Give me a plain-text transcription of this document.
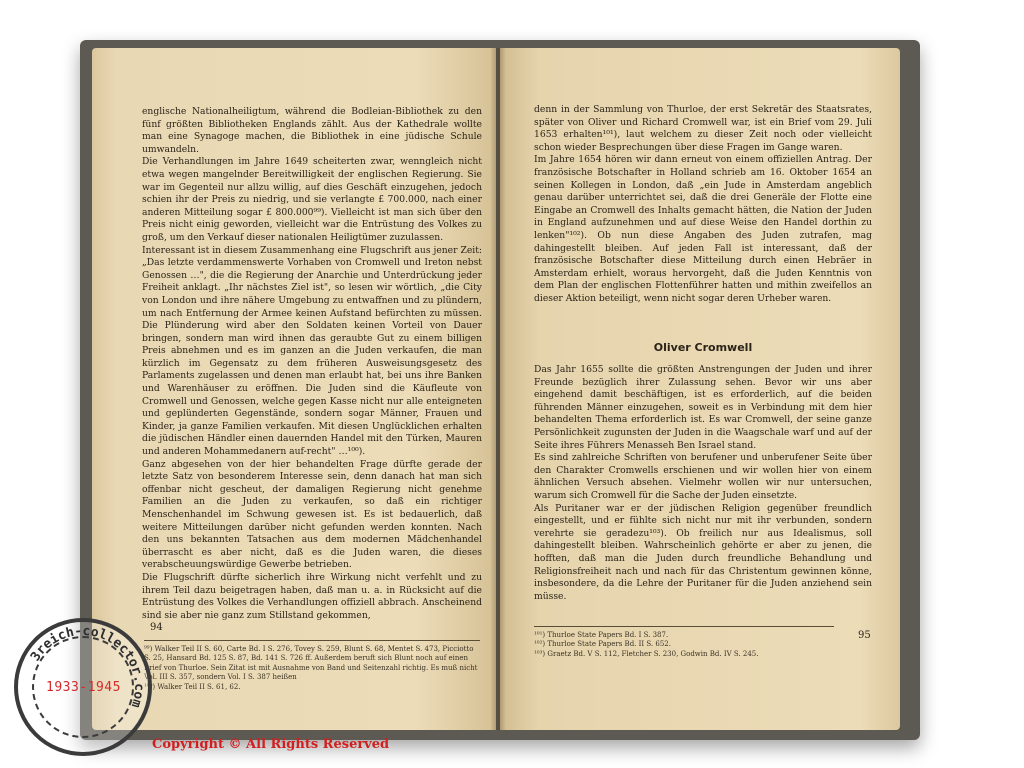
englische Nationalheiligtum, während die Bodleian-Bibliothek zu den fünf größten Bibliotheken Englands zählt. Aus der Kathedrale wollte man eine Synagoge machen, die Bibliothek in eine jüdische Schule umwandeln.

Die Verhandlungen im Jahre 1649 scheiterten zwar, wenngleich nicht etwa wegen mangelnder Bereitwilligkeit der englischen Regierung. Sie war im Gegenteil nur allzu willig, auf dies Geschäft einzugehen, jedoch schien ihr der Preis zu niedrig, und sie verlangte £ 700.000, nach einer anderen Mitteilung sogar £ 800.000⁹⁹). Vielleicht ist man sich über den Preis nicht einig geworden, vielleicht war die Entrüstung des Volkes zu groß, um den Verkauf dieser nationalen Heiligtümer zuzulassen.

Interessant ist in diesem Zusammenhang eine Flugschrift aus jener Zeit: „Das letzte verdammenswerte Vorhaben von Cromwell und Ireton nebst Genossen …", die die Regierung der Anarchie und Unterdrückung jeder Freiheit anklagt. „Ihr nächstes Ziel ist", so lesen wir wörtlich, „die City von London und ihre nähere Umgebung zu entwaffnen und zu plündern, um nach Entfernung der Armee keinen Aufstand befürchten zu müssen. Die Plünderung wird aber den Soldaten keinen Vorteil von Dauer bringen, sondern man wird ihnen das geraubte Gut zu einem billigen Preis abnehmen und es im ganzen an die Juden verkaufen, die man kürzlich im Gegensatz zu dem früheren Ausweisungsgesetz des Parlaments zugelassen und denen man erlaubt hat, bei uns ihre Banken und Warenhäuser zu eröffnen. Die Juden sind die Käufleute von Cromwell und Genossen, welche gegen Kasse nicht nur alle enteigneten und geplünderten Gegenstände, sondern sogar Männer, Frauen und Kinder, ja ganze Familien verkaufen. Mit diesen Unglücklichen erhalten die jüdischen Händler einen dauernden Handel mit den Türken, Mauren und anderen Mohammedanern auf-recht" …¹⁰⁰).

Ganz abgesehen von der hier behandelten Frage dürfte gerade der letzte Satz von besonderem Interesse sein, denn danach hat man sich offenbar nicht gescheut, der damaligen Regierung nicht genehme Familien an die Juden zu verkaufen, so daß ein richtiger Menschenhandel im Schwung gewesen ist. Es ist bedauerlich, daß weitere Mitteilungen darüber nicht gefunden werden konnten. Nach den uns bekannten Tatsachen aus dem modernen Mädchenhandel überrascht es aber nicht, daß es die Juden waren, die dieses verabscheuungswürdige Gewerbe betrieben.

Die Flugschrift dürfte sicherlich ihre Wirkung nicht verfehlt und zu ihrem Teil dazu beigetragen haben, daß man u. a. in Rücksicht auf die Entrüstung des Volkes die Verhandlungen offiziell abbrach. Anscheinend sind sie aber nie ganz zum Stillstand gekommen,

⁹⁹) Walker Teil II S. 60, Carte Bd. I S. 276, Tovey S. 259, Blunt S. 68, Mentet S. 473, Picciotto S. 25, Hansard Bd. 125 S. 87, Bd. 141 S. 726 ff. Außerdem beruft sich Blunt noch auf einen Brief von Thurloe. Sein Zitat ist mit Ausnahme von Band und Seitenzahl richtig. Es muß nicht Vol. III S. 357, sondern Vol. I S. 387 heißen
¹⁰⁰) Walker Teil II S. 61, 62.
94

denn in der Sammlung von Thurloe, der erst Sekretär des Staatsrates, später von Oliver und Richard Cromwell war, ist ein Brief vom 29. Juli 1653 erhalten¹⁰¹), laut welchem zu dieser Zeit noch oder vielleicht schon wieder Besprechungen über diese Fragen im Gange waren.

Im Jahre 1654 hören wir dann erneut von einem offiziellen Antrag. Der französische Botschafter in Holland schrieb am 16. Oktober 1654 an seinen Kollegen in London, daß „ein Jude in Amsterdam angeblich genau darüber unterrichtet sei, daß die drei Generäle der Flotte eine Eingabe an Cromwell des Inhalts gemacht hätten, die Nation der Juden in England aufzunehmen und auf diese Weise den Handel dorthin zu lenken"¹⁰²). Ob nun diese Angaben des Juden zutrafen, mag dahingestellt bleiben. Auf jeden Fall ist interessant, daß der französische Botschafter diese Mitteilung durch einen Hebräer in Amsterdam erhielt, woraus hervorgeht, daß die Juden Kenntnis von dem Plan der englischen Flottenführer hatten und mithin zweifellos an dieser Aktion beteiligt, wenn nicht sogar deren Urheber waren.

Oliver Cromwell

Das Jahr 1655 sollte die größten Anstrengungen der Juden und ihrer Freunde bezüglich ihrer Zulassung sehen. Bevor wir uns aber eingehend damit beschäftigen, ist es erforderlich, auf die beiden führenden Männer einzugehen, soweit es in Verbindung mit dem hier behandelten Thema erforderlich ist. Es war Cromwell, der seine ganze Persönlichkeit zugunsten der Juden in die Waagschale warf und auf der Seite ihres Führers Menasseh Ben Israel stand.

Es sind zahlreiche Schriften von berufener und unberufener Seite über den Charakter Cromwells erschienen und wir wollen hier von einem ähnlichen Versuch absehen. Vielmehr wollen wir nur untersuchen, warum sich Cromwell für die Sache der Juden einsetzte.

Als Puritaner war er der jüdischen Religion gegenüber freundlich eingestellt, und er fühlte sich nicht nur mit ihr verbunden, sondern verehrte sie geradezu¹⁰³). Ob freilich nur aus Idealismus, soll dahingestellt bleiben. Wahrscheinlich gehörte er aber zu jenen, die hofften, daß man die Juden durch freundliche Behandlung und Religionsfreiheit nach und nach für das Christentum gewinnen könne, insbesondere, da die Lehre der Puritaner für die Juden anziehend sein müsse.

¹⁰¹) Thurloe State Papers Bd. I S. 387.
¹⁰²) Thurloe State Papers Bd. II S. 652.
¹⁰³) Graetz Bd. V S. 112, Fletcher S. 230, Godwin Bd. IV S. 245.
95
3reich-collector.com
1933-1945
Copyright © All Rights Reserved
